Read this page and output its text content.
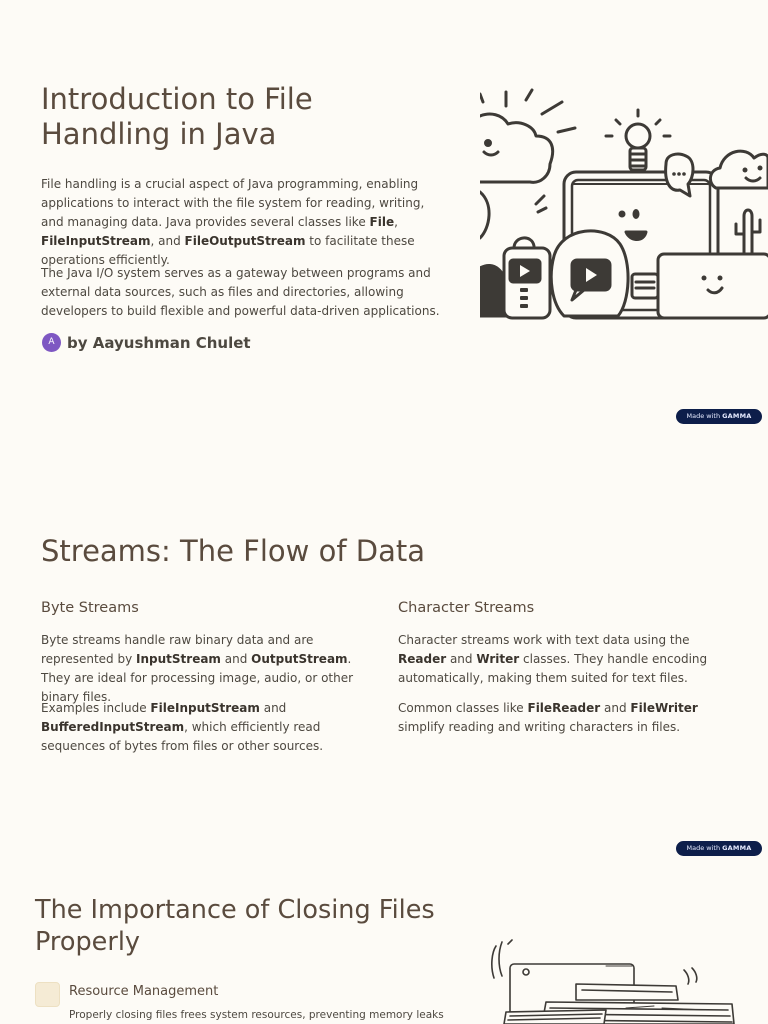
Introduction to File
Handling in Java

File handling is a crucial aspect of Java programming, enabling
applications to interact with the file system for reading, writing,
and managing data. Java provides several classes like File,
FileInputStream, and FileOutputStream to facilitate these
operations efficiently.

The Java I/O system serves as a gateway between programs and
external data sources, such as files and directories, allowing
developers to build flexible and powerful data-driven applications.

A by Aayushman Chulet
Made with GAMMA
Streams: The Flow of Data
Byte Streams

Byte streams handle raw binary data and are
represented by InputStream and OutputStream.
They are ideal for processing image, audio, or other
binary files.

Examples include FileInputStream and
BufferedInputStream, which efficiently read
sequences of bytes from files or other sources.

Character Streams

Character streams work with text data using the
Reader and Writer classes. They handle encoding
automatically, making them suited for text files.

Common classes like FileReader and FileWriter
simplify reading and writing characters in files.

Made with GAMMA
The Importance of Closing Files
Properly
Resource Management
Properly closing files frees system resources, preventing memory leaks
